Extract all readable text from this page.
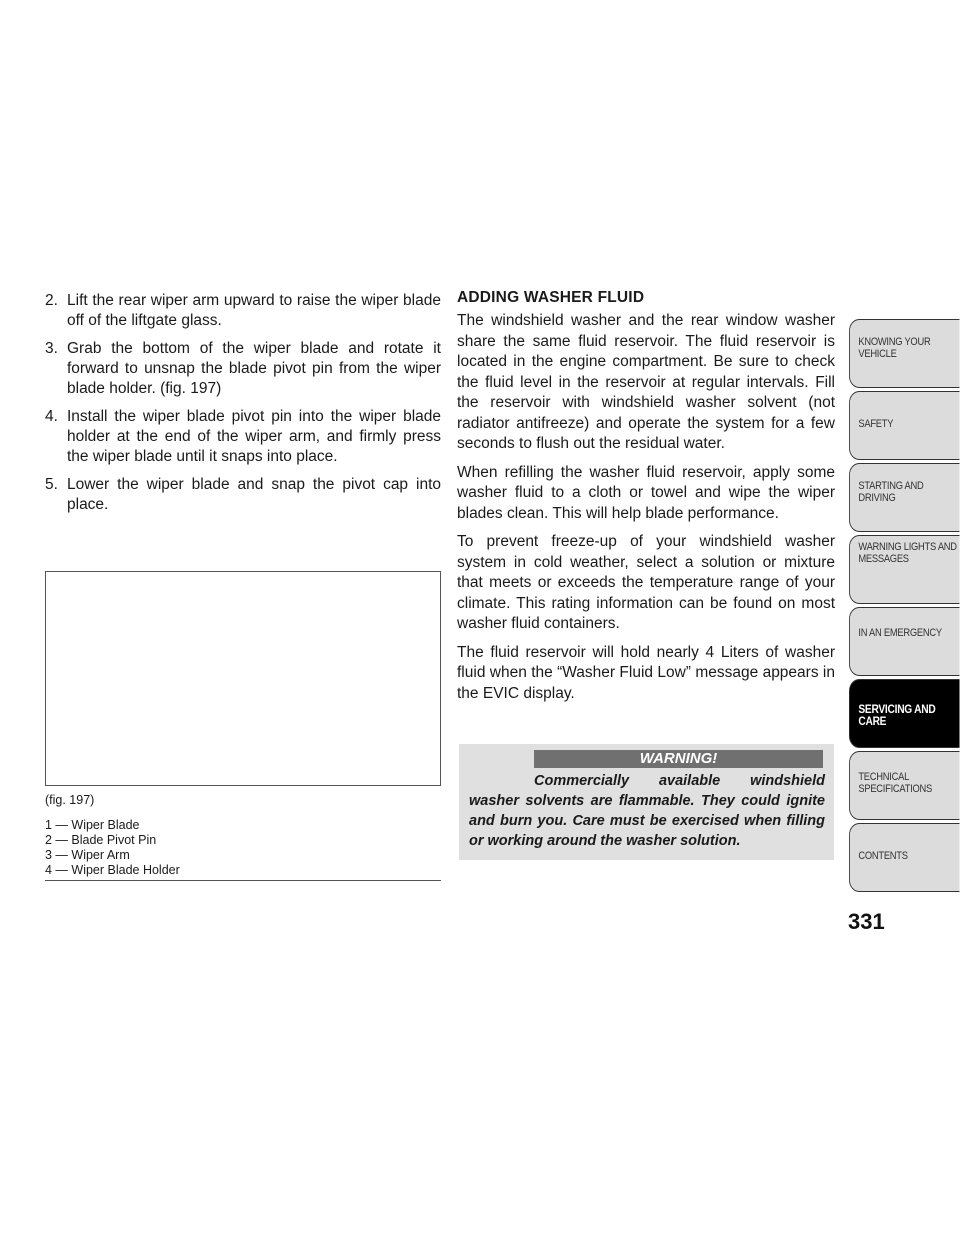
2. Lift the rear wiper arm upward to raise the wiper blade off of the liftgate glass.
3. Grab the bottom of the wiper blade and rotate it forward to unsnap the blade pivot pin from the wiper blade holder. (fig. 197)
4. Install the wiper blade pivot pin into the wiper blade holder at the end of the wiper arm, and firmly press the wiper blade until it snaps into place.
5. Lower the wiper blade and snap the pivot cap into place.
(fig. 197)
1 — Wiper Blade
2 — Blade Pivot Pin
3 — Wiper Arm
4 — Wiper Blade Holder
ADDING WASHER FLUID

The windshield washer and the rear window washer share the same fluid reservoir. The fluid reservoir is located in the engine compartment. Be sure to check the fluid level in the reservoir at regular intervals. Fill the reservoir with windshield washer solvent (not radiator antifreeze) and operate the system for a few seconds to flush out the residual water.

When refilling the washer fluid reservoir, apply some washer fluid to a cloth or towel and wipe the wiper blades clean. This will help blade performance.

To prevent freeze-up of your windshield washer system in cold weather, select a solution or mixture that meets or exceeds the temperature range of your climate. This rating information can be found on most washer fluid containers.

The fluid reservoir will hold nearly 4 Liters of washer fluid when the “Washer Fluid Low” message appears in the EVIC display.

WARNING!
Commercially available windshield washer solvents are flammable. They could ignite and burn you. Care must be exercised when filling or working around the washer solution.
KNOWING YOUR VEHICLE
SAFETY
STARTING AND DRIVING
WARNING LIGHTS AND MESSAGES
IN AN EMERGENCY
SERVICING AND CARE
TECHNICAL SPECIFICATIONS
CONTENTS
331
